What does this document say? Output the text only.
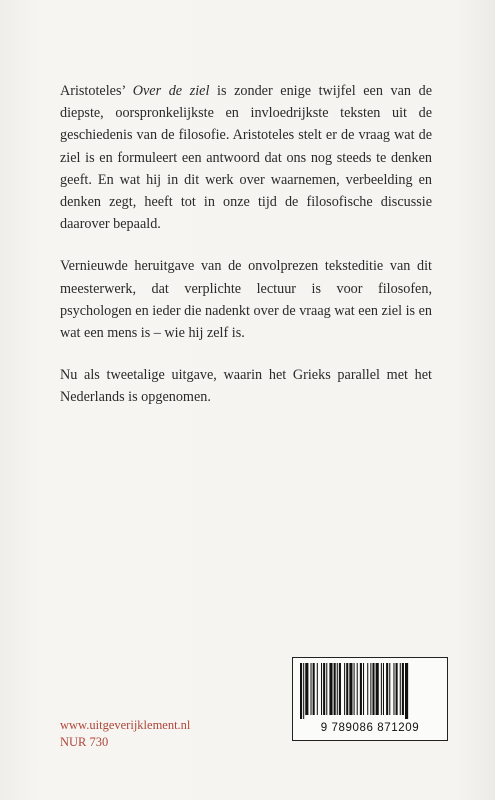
Aristoteles’ Over de ziel is zonder enige twijfel een van de diepste, oorspronkelijkste en invloedrijkste teksten uit de geschiedenis van de filosofie. Aristoteles stelt er de vraag wat de ziel is en formuleert een antwoord dat ons nog steeds te denken geeft. En wat hij in dit werk over waarnemen, verbeelding en denken zegt, heeft tot in onze tijd de filosofische discussie daarover bepaald.

Vernieuwde heruitgave van de onvolprezen teksteditie van dit meesterwerk, dat verplichte lectuur is voor filosofen, psychologen en ieder die nadenkt over de vraag wat een ziel is en wat een mens is – wie hij zelf is.

Nu als tweetalige uitgave, waarin het Grieks parallel met het Nederlands is opgenomen.

9 789086 871209
www.uitgeverijklement.nl
NUR 730
